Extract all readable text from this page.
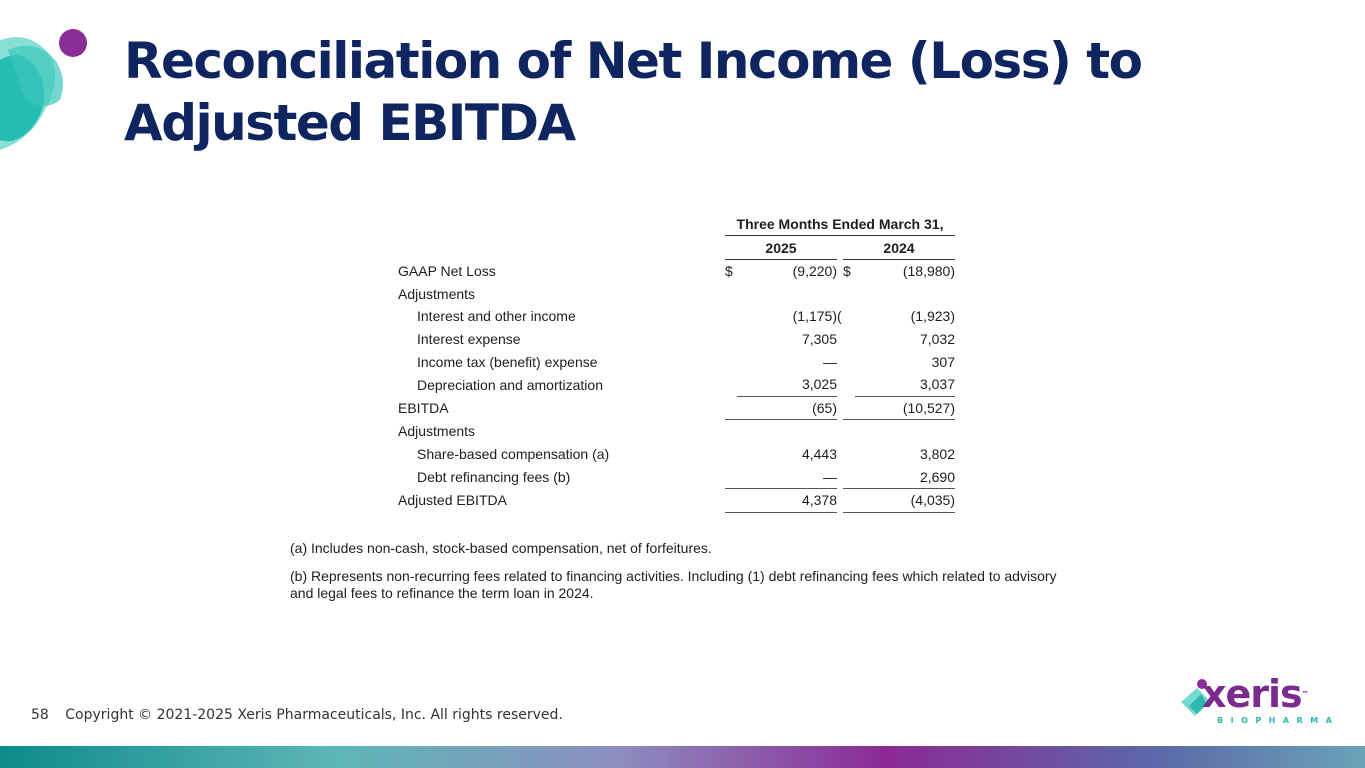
Reconciliation of Net Income (Loss) to
Adjusted EBITDA
	Three Months Ended March 31,				
	2025			2024	
GAAP Net Loss	$	(9,220)		$	(18,980)
Adjustments					
Interest and other income		(1,175)	(		(1,923)
Interest expense		7,305			7,032
Income tax (benefit) expense		—			307
Depreciation and amortization		3,025			3,037
EBITDA		(65)			(10,527)
Adjustments					
Share-based compensation (a)		4,443			3,802
Debt refinancing fees (b)		—			2,690
Adjusted EBITDA		4,378			(4,035)

(a) Includes non-cash, stock-based compensation, net of forfeitures.

(b) Represents non-recurring fees related to financing activities. Including (1) debt refinancing fees which related to advisory and legal fees to refinance the term loan in 2024.

58 Copyright © 2021-2025 Xeris Pharmaceuticals, Inc. All rights reserved.	xeris™
BIOPHARMA
